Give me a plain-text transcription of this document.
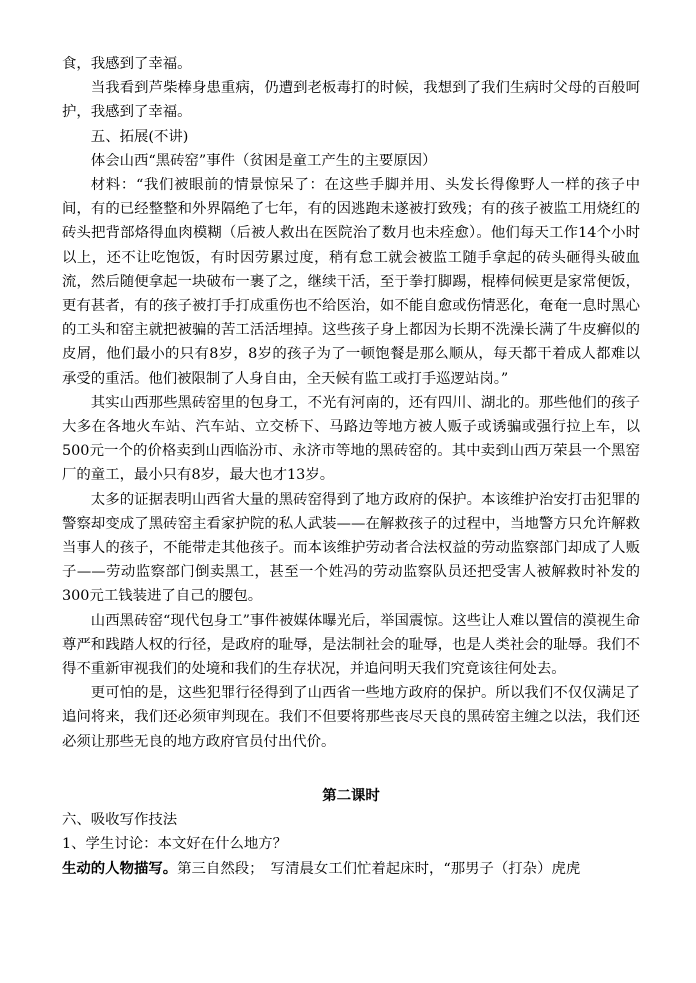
食，我感到了幸福。

当我看到芦柴棒身患重病，仍遭到老板毒打的时候，我想到了我们生病时父母的百般呵护，我感到了幸福。

五、拓展(不讲)

体会山西“黑砖窑”事件（贫困是童工产生的主要原因）

材料：“我们被眼前的情景惊呆了：在这些手脚并用、头发长得像野人一样的孩子中间，有的已经整整和外界隔绝了七年，有的因逃跑未遂被打致残；有的孩子被监工用烧红的砖头把背部烙得血肉模糊（后被人救出在医院治了数月也未痊愈）。他们每天工作14个小时以上，还不让吃饱饭，有时因劳累过度，稍有怠工就会被监工随手拿起的砖头砸得头破血流，然后随便拿起一块破布一裹了之，继续干活，至于拳打脚踢，棍棒伺候更是家常便饭，更有甚者，有的孩子被打手打成重伤也不给医治，如不能自愈或伤情恶化，奄奄一息时黑心的工头和窑主就把被骗的苦工活活埋掉。这些孩子身上都因为长期不洗澡长满了牛皮癣似的皮屑，他们最小的只有8岁，8岁的孩子为了一顿饱餐是那么顺从，每天都干着成人都难以承受的重活。他们被限制了人身自由，全天候有监工或打手巡逻站岗。”

其实山西那些黑砖窑里的包身工，不光有河南的，还有四川、湖北的。那些他们的孩子大多在各地火车站、汽车站、立交桥下、马路边等地方被人贩子或诱骗或强行拉上车，以500元一个的价格卖到山西临汾市、永济市等地的黑砖窑的。其中卖到山西万荣县一个黑窑厂的童工，最小只有8岁，最大也才13岁。

太多的证据表明山西省大量的黑砖窑得到了地方政府的保护。本该维护治安打击犯罪的警察却变成了黑砖窑主看家护院的私人武装——在解救孩子的过程中，当地警方只允许解救当事人的孩子，不能带走其他孩子。而本该维护劳动者合法权益的劳动监察部门却成了人贩子——劳动监察部门倒卖黑工，甚至一个姓冯的劳动监察队员还把受害人被解救时补发的300元工钱装进了自己的腰包。

山西黑砖窑“现代包身工”事件被媒体曝光后，举国震惊。这些让人难以置信的漠视生命尊严和践踏人权的行径，是政府的耻辱，是法制社会的耻辱，也是人类社会的耻辱。我们不得不重新审视我们的处境和我们的生存状况，并追问明天我们究竟该往何处去。

更可怕的是，这些犯罪行径得到了山西省一些地方政府的保护。所以我们不仅仅满足了追问将来，我们还必须审判现在。我们不但要将那些丧尽天良的黑砖窑主缠之以法，我们还必须让那些无良的地方政府官员付出代价。

第二课时

六、吸收写作技法

1、学生讨论：本文好在什么地方？

生动的人物描写。第三自然段；　写清晨女工们忙着起床时，“那男子（打杂）虎虎
